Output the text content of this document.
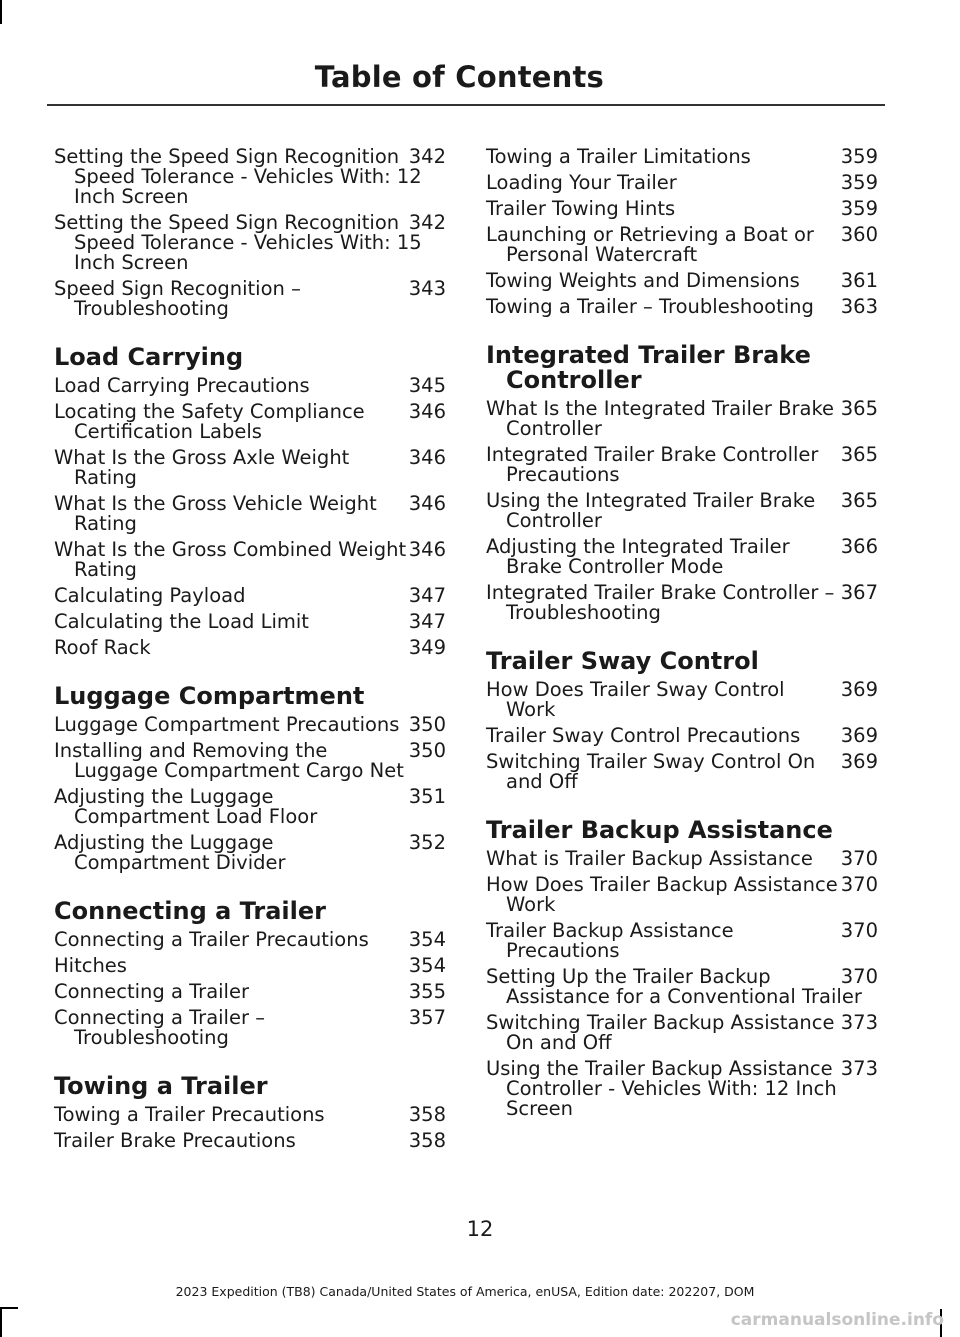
Table of Contents
342
Setting the Speed Sign Recognition Speed Tolerance - Vehicles With: 12 Inch Screen
342
Setting the Speed Sign Recognition Speed Tolerance - Vehicles With: 15 Inch Screen
343
Speed Sign Recognition – Troubleshooting
Load Carrying
345
Load Carrying Precautions
346
Locating the Safety Compliance Certification Labels
346
What Is the Gross Axle Weight Rating
346
What Is the Gross Vehicle Weight Rating
346
What Is the Gross Combined Weight Rating
347
Calculating Payload
347
Calculating the Load Limit
349
Roof Rack
Luggage Compartment
350
Luggage Compartment Precautions
350
Installing and Removing the Luggage Compartment Cargo Net
351
Adjusting the Luggage Compartment Load Floor
352
Adjusting the Luggage Compartment Divider
Connecting a Trailer
354
Connecting a Trailer Precautions
354
Hitches
355
Connecting a Trailer
357
Connecting a Trailer – Troubleshooting
Towing a Trailer
358
Towing a Trailer Precautions
358
Trailer Brake Precautions
359
Towing a Trailer Limitations
359
Loading Your Trailer
359
Trailer Towing Hints
360
Launching or Retrieving a Boat or Personal Watercraft
361
Towing Weights and Dimensions
363
Towing a Trailer – Troubleshooting
Integrated Trailer Brake Controller
365
What Is the Integrated Trailer Brake Controller
365
Integrated Trailer Brake Controller Precautions
365
Using the Integrated Trailer Brake Controller
366
Adjusting the Integrated Trailer Brake Controller Mode
367
Integrated Trailer Brake Controller – Troubleshooting
Trailer Sway Control
369
How Does Trailer Sway Control Work
369
Trailer Sway Control Precautions
369
Switching Trailer Sway Control On and Off
Trailer Backup Assistance
370
What is Trailer Backup Assistance
370
How Does Trailer Backup Assistance Work
370
Trailer Backup Assistance Precautions
370
Setting Up the Trailer Backup Assistance for a Conventional Trailer
373
Switching Trailer Backup Assistance On and Off
373
Using the Trailer Backup Assistance Controller - Vehicles With: 12 Inch Screen
12
2023 Expedition (TB8) Canada/United States of America, enUSA, Edition date: 202207, DOM
carmanualsonline.info
